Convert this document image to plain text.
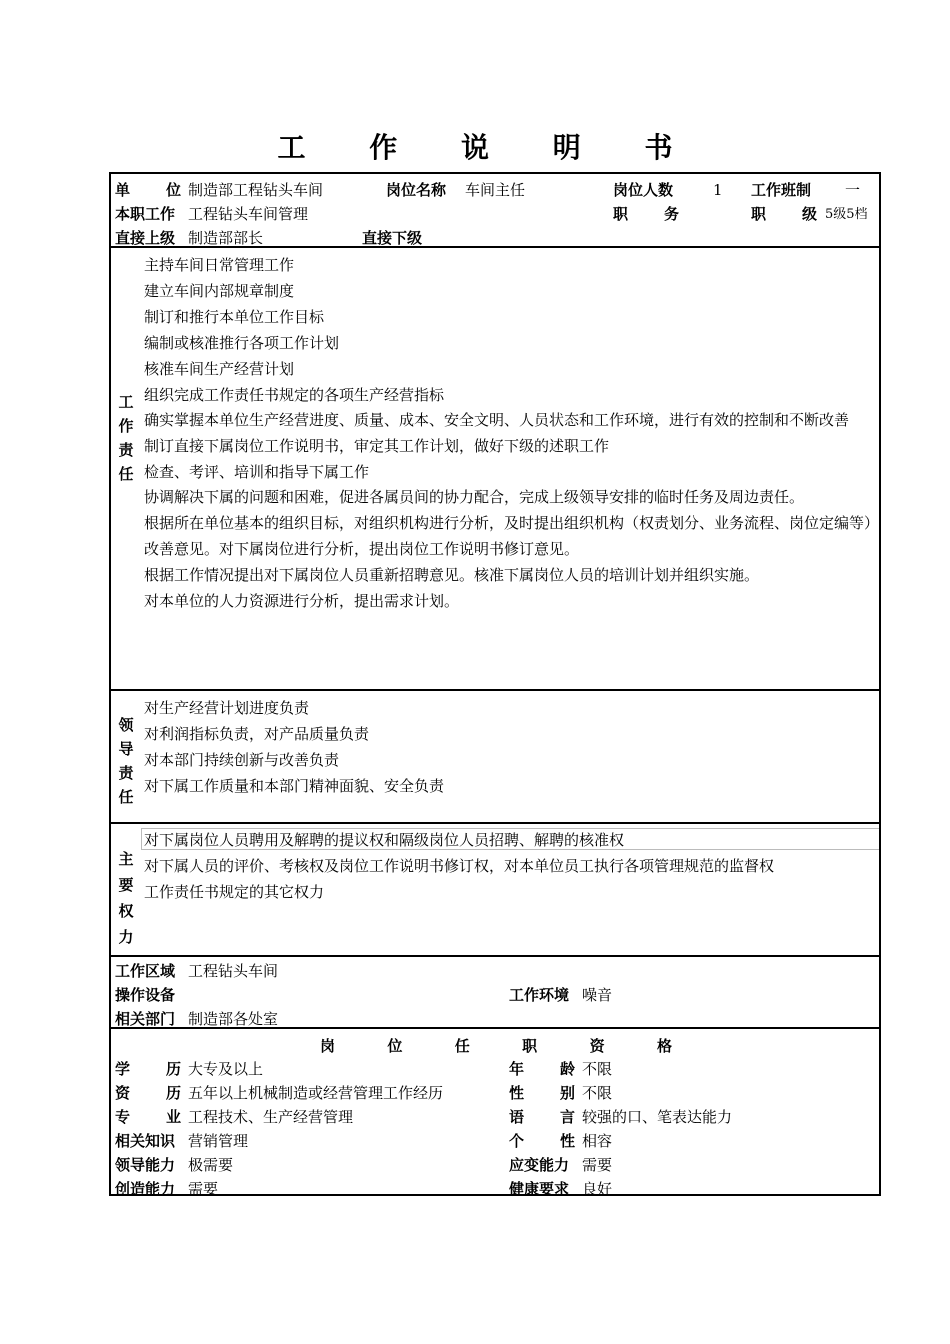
工 作 说 明 书
单 位 制造部工程钻头车间	岗位名称 车间主任	岗位人数	1 工作班制 一
本职工作 工程钻头车间管理	职 务	职 级 5级5档
直接上级 制造部部长	直接下级
工
作
责
任
主持车间日常管理工作
建立车间内部规章制度
制订和推行本单位工作目标
编制或核准推行各项工作计划
核准车间生产经营计划
组织完成工作责任书规定的各项生产经营指标
确实掌握本单位生产经营进度、质量、成本、安全文明、人员状态和工作环境，进行有效的控制和不断改善
制订直接下属岗位工作说明书，审定其工作计划，做好下级的述职工作
检查、考评、培训和指导下属工作
协调解决下属的问题和困难，促进各属员间的协力配合，完成上级领导安排的临时任务及周边责任。
根据所在单位基本的组织目标，对组织机构进行分析，及时提出组织机构（权责划分、业务流程、岗位定编等）改善意见。对下属岗位进行分析，提出岗位工作说明书修订意见。
根据工作情况提出对下属岗位人员重新招聘意见。核准下属岗位人员的培训计划并组织实施。
对本单位的人力资源进行分析，提出需求计划。
领
导
责
任
对生产经营计划进度负责
对利润指标负责，对产品质量负责
对本部门持续创新与改善负责
对下属工作质量和本部门精神面貌、安全负责
主
要
权
力
对下属岗位人员聘用及解聘的提议权和隔级岗位人员招聘、解聘的核准权
对下属人员的评价、考核权及岗位工作说明书修订权，对本单位员工执行各项管理规范的监督权
工作责任书规定的其它权力
工作区域 工程钻头车间
操作设备	工作环境 噪音
相关部门 制造部各处室
岗	位	任	职	资	格
学 历 大专及以上	年 龄 不限
资 历 五年以上机械制造或经营管理工作经历	性 别 不限
专 业 工程技术、生产经营管理	语 言 较强的口、笔表达能力
相关知识 营销管理	个 性 相容
领导能力 极需要	应变能力 需要
创造能力 需要	健康要求 良好
